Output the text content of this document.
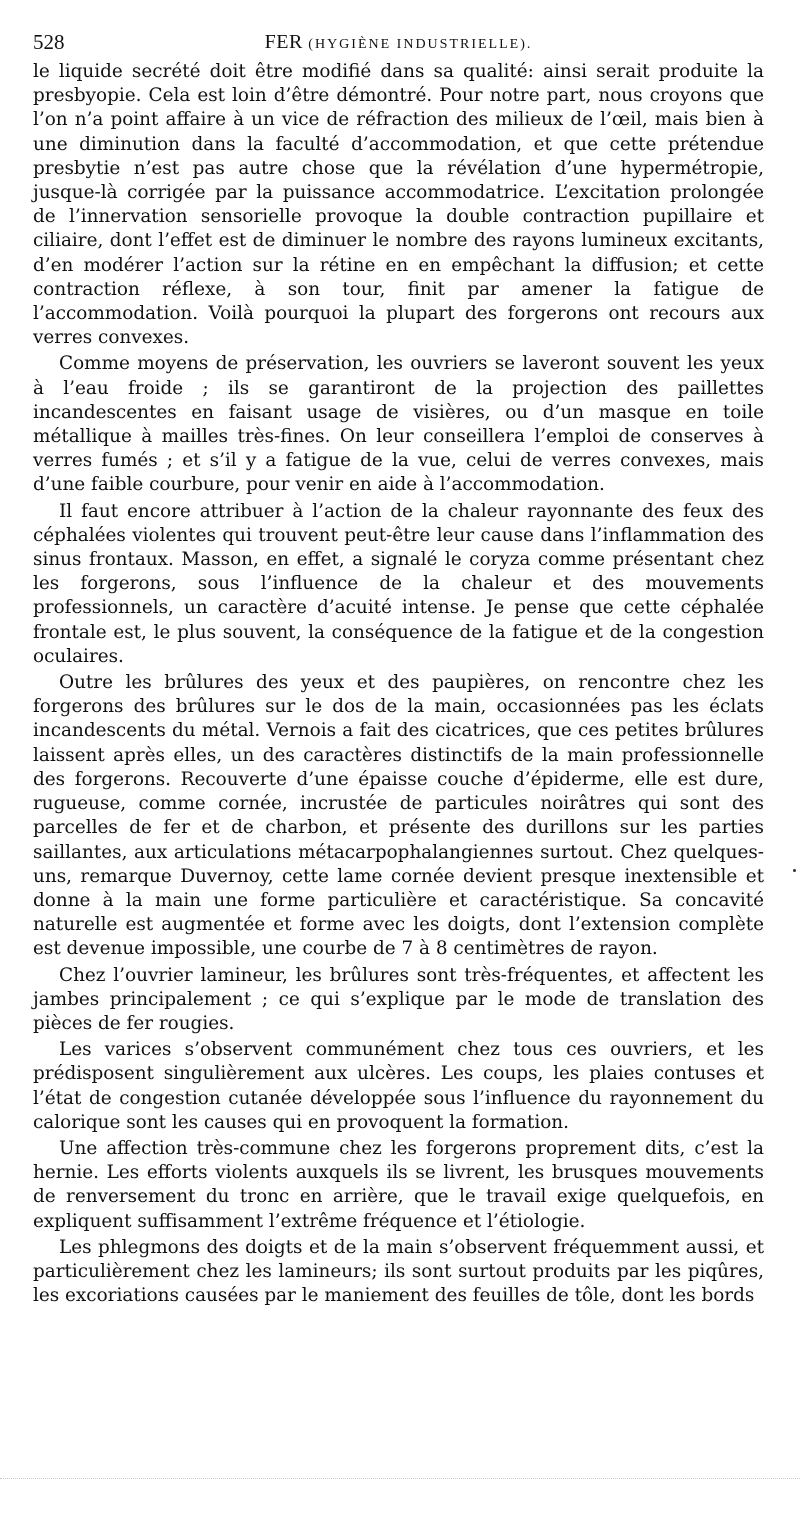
528	FER (HYGIÈNE INDUSTRIELLE).

le liquide secrété doit être modifié dans sa qualité: ainsi serait produite la presbyopie. Cela est loin d’être démontré. Pour notre part, nous croyons que l’on n’a point affaire à un vice de réfraction des milieux de l’œil, mais bien à une diminution dans la faculté d’accommodation, et que cette prétendue presbytie n’est pas autre chose que la révélation d’une hypermétropie, jusque-là corrigée par la puissance accommodatrice. L’excitation prolongée de l’innervation sensorielle provoque la double contraction pupillaire et ciliaire, dont l’effet est de diminuer le nombre des rayons lumineux excitants, d’en modérer l’action sur la rétine en en empêchant la diffusion; et cette contraction réflexe, à son tour, finit par amener la fatigue de l’accommodation. Voilà pourquoi la plupart des forgerons ont recours aux verres convexes.

Comme moyens de préservation, les ouvriers se laveront souvent les yeux à l’eau froide ; ils se garantiront de la projection des paillettes incandescentes en faisant usage de visières, ou d’un masque en toile métallique à mailles très-fines. On leur conseillera l’emploi de conserves à verres fumés ; et s’il y a fatigue de la vue, celui de verres convexes, mais d’une faible courbure, pour venir en aide à l’accommodation.

Il faut encore attribuer à l’action de la chaleur rayonnante des feux des céphalées violentes qui trouvent peut-être leur cause dans l’inflammation des sinus frontaux. Masson, en effet, a signalé le coryza comme présentant chez les forgerons, sous l’influence de la chaleur et des mouvements professionnels, un caractère d’acuité intense. Je pense que cette céphalée frontale est, le plus souvent, la conséquence de la fatigue et de la congestion oculaires.

Outre les brûlures des yeux et des paupières, on rencontre chez les forgerons des brûlures sur le dos de la main, occasionnées pas les éclats incandescents du métal. Vernois a fait des cicatrices, que ces petites brûlures laissent après elles, un des caractères distinctifs de la main professionnelle des forgerons. Recouverte d’une épaisse couche d’épiderme, elle est dure, rugueuse, comme cornée, incrustée de particules noirâtres qui sont des parcelles de fer et de charbon, et présente des durillons sur les parties saillantes, aux articulations métacarpophalangiennes surtout. Chez quelques-uns, remarque Duvernoy, cette lame cornée devient presque inextensible et donne à la main une forme particulière et caractéristique. Sa concavité naturelle est augmentée et forme avec les doigts, dont l’extension complète est devenue impossible, une courbe de 7 à 8 centimètres de rayon.

Chez l’ouvrier lamineur, les brûlures sont très-fréquentes, et affectent les jambes principalement ; ce qui s’explique par le mode de translation des pièces de fer rougies.

Les varices s’observent communément chez tous ces ouvriers, et les prédisposent singulièrement aux ulcères. Les coups, les plaies contuses et l’état de congestion cutanée développée sous l’influence du rayonnement du calorique sont les causes qui en provoquent la formation.

Une affection très-commune chez les forgerons proprement dits, c’est la hernie. Les efforts violents auxquels ils se livrent, les brusques mouvements de renversement du tronc en arrière, que le travail exige quelquefois, en expliquent suffisamment l’extrême fréquence et l’étiologie.

Les phlegmons des doigts et de la main s’observent fréquemment aussi, et particulièrement chez les lamineurs; ils sont surtout produits par les piqûres, les excoriations causées par le maniement des feuilles de tôle, dont les bords
